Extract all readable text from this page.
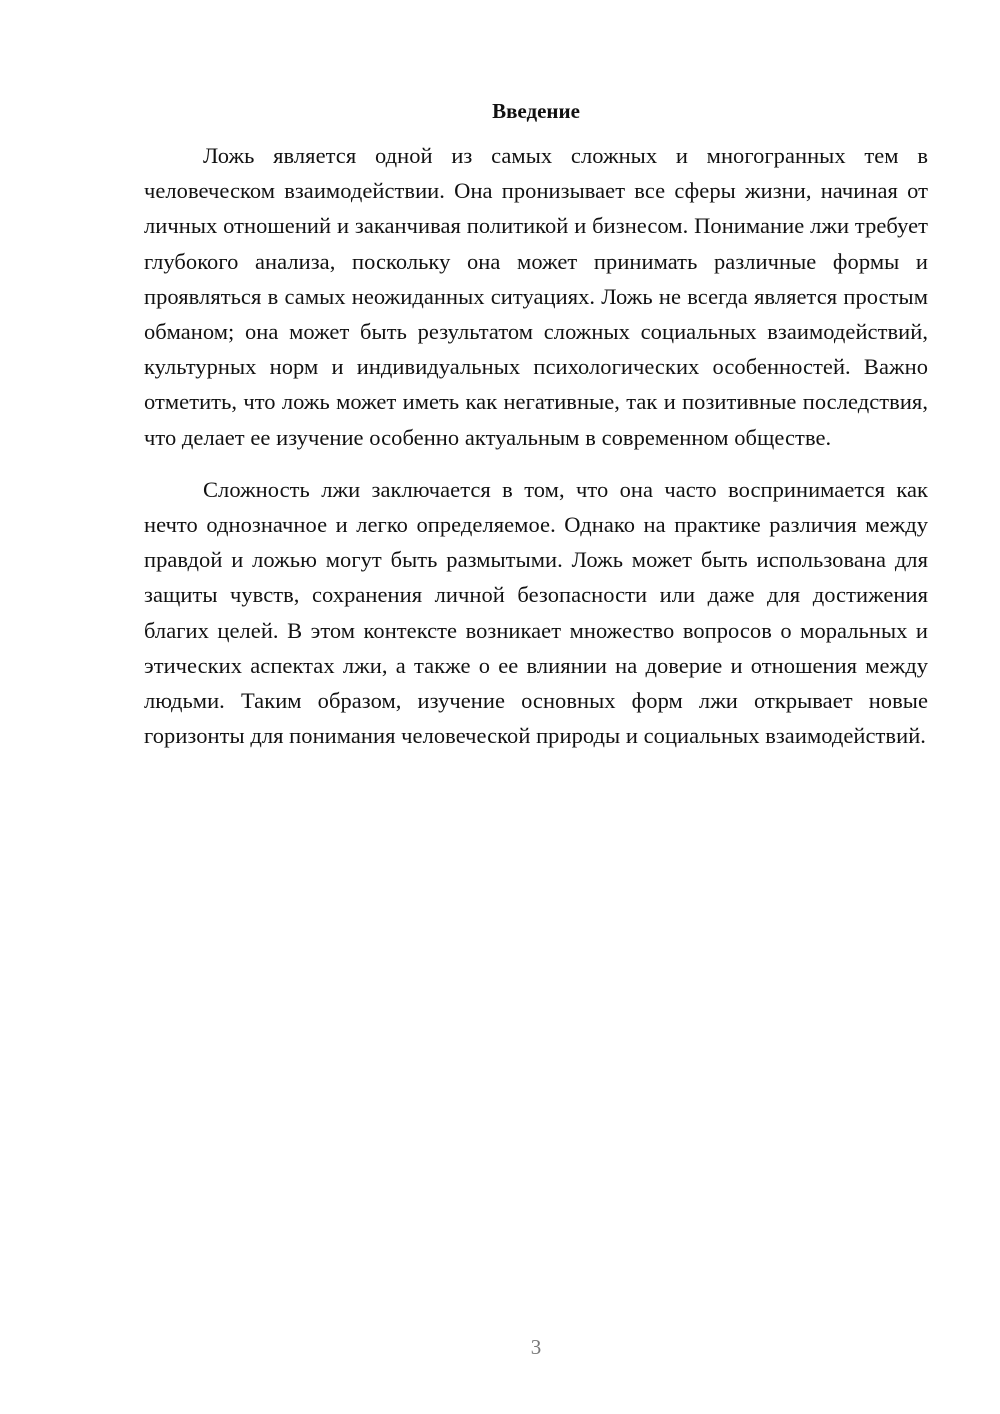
Введение

Ложь является одной из самых сложных и многогранных тем в человеческом взаимодействии. Она пронизывает все сферы жизни, начиная от личных отношений и заканчивая политикой и бизнесом. Понимание лжи требует глубокого анализа, поскольку она может принимать различные формы и проявляться в самых неожиданных ситуациях. Ложь не всегда является простым обманом; она может быть результатом сложных социальных взаимодействий, культурных норм и индивидуальных психологических особенностей. Важно отметить, что ложь может иметь как негативные, так и позитивные последствия, что делает ее изучение особенно актуальным в современном обществе.

Сложность лжи заключается в том, что она часто воспринимается как нечто однозначное и легко определяемое. Однако на практике различия между правдой и ложью могут быть размытыми. Ложь может быть использована для защиты чувств, сохранения личной безопасности или даже для достижения благих целей. В этом контексте возникает множество вопросов о моральных и этических аспектах лжи, а также о ее влиянии на доверие и отношения между людьми. Таким образом, изучение основных форм лжи открывает новые горизонты для понимания человеческой природы и социальных взаимодействий.

3
